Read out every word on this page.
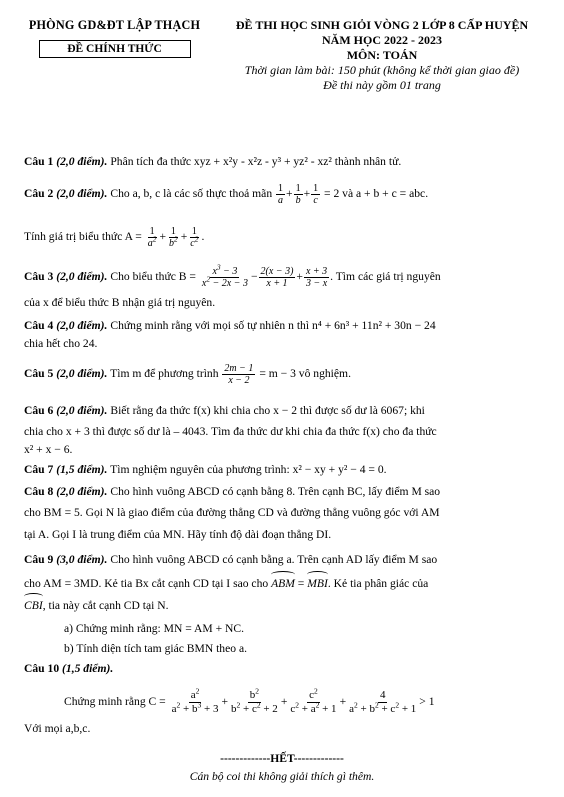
PHÒNG GD&ĐT LẬP THẠCH
ĐỀ CHÍNH THỨC
ĐỀ THI HỌC SINH GIỎI VÒNG 2 LỚP 8 CẤP HUYỆN
NĂM HỌC 2022 - 2023
MÔN: TOÁN
Thời gian làm bài: 150 phút (không kể thời gian giao đề)
Đề thi này gồm 01 trang
Câu 1 (2,0 điểm). Phân tích đa thức xyz + x²y - x²z - y³ + yz² - xz² thành nhân tử.
Câu 2 (2,0 điểm). Cho a, b, c là các số thực thoả mãn $\frac{1}{a} + \frac{1}{b} + \frac{1}{c} = 2$ và a + b + c = abc.
Tính giá trị biểu thức $A = \frac{1}{a^2} + \frac{1}{b^2} + \frac{1}{c^2}$ .
Câu 3 (2,0 điểm). Cho biểu thức $B = \frac{x^3 - 3}{x^2 - 2x - 3} - \frac{2(x - 3)}{x + 1} + \frac{x + 3}{3 - x}$ . Tìm các giá trị nguyên
của x để biểu thức B nhận giá trị nguyên.
Câu 4 (2,0 điểm). Chứng minh rằng với mọi số tự nhiên n thì n⁴ + 6n³ + 11n² + 30n − 24
chia hết cho 24.
Câu 5 (2,0 điểm). Tìm m để phương trình $\frac{2m - 1}{x - 2} = m - 3$ vô nghiệm.
Câu 6 (2,0 điểm). Biết rằng đa thức f(x) khi chia cho x − 2 thì được số dư là 6067; khi
chia cho x + 3 thì được số dư là – 4043. Tìm đa thức dư khi chia đa thức f(x) cho đa thức
x² + x − 6.
Câu 7 (1,5 điểm). Tìm nghiệm nguyên của phương trình: x² − xy + y² − 4 = 0.
Câu 8 (2,0 điểm). Cho hình vuông ABCD có cạnh bằng 8. Trên cạnh BC, lấy điểm M sao
cho BM = 5. Gọi N là giao điểm của đường thẳng CD và đường thẳng vuông góc với AM
tại A. Gọi I là trung điểm của MN. Hãy tính độ dài đoạn thẳng DI.
Câu 9 (3,0 điểm). Cho hình vuông ABCD có cạnh bằng a. Trên cạnh AD lấy điểm M sao
cho AM = 3MD. Kẻ tia Bx cắt cạnh CD tại I sao cho ABM = MBI. Kẻ tia phân giác của
CBI, tia này cắt cạnh CD tại N.
a) Chứng minh rằng: MN = AM + NC.
b) Tính diện tích tam giác BMN theo a.
Câu 10 (1,5 điểm).
Chứng minh rằng $C = \frac{a^2}{a^2 + b^3 + 3} + \frac{b^2}{b^2 + c^2 + 2} + \frac{c^2}{c^2 + a^2 + 1} + \frac{4}{a^2 + b^2 + c^2 + 1} > 1$
Với mọi a,b,c.
-------------HẾT-------------
Cán bộ coi thi không giải thích gì thêm.
